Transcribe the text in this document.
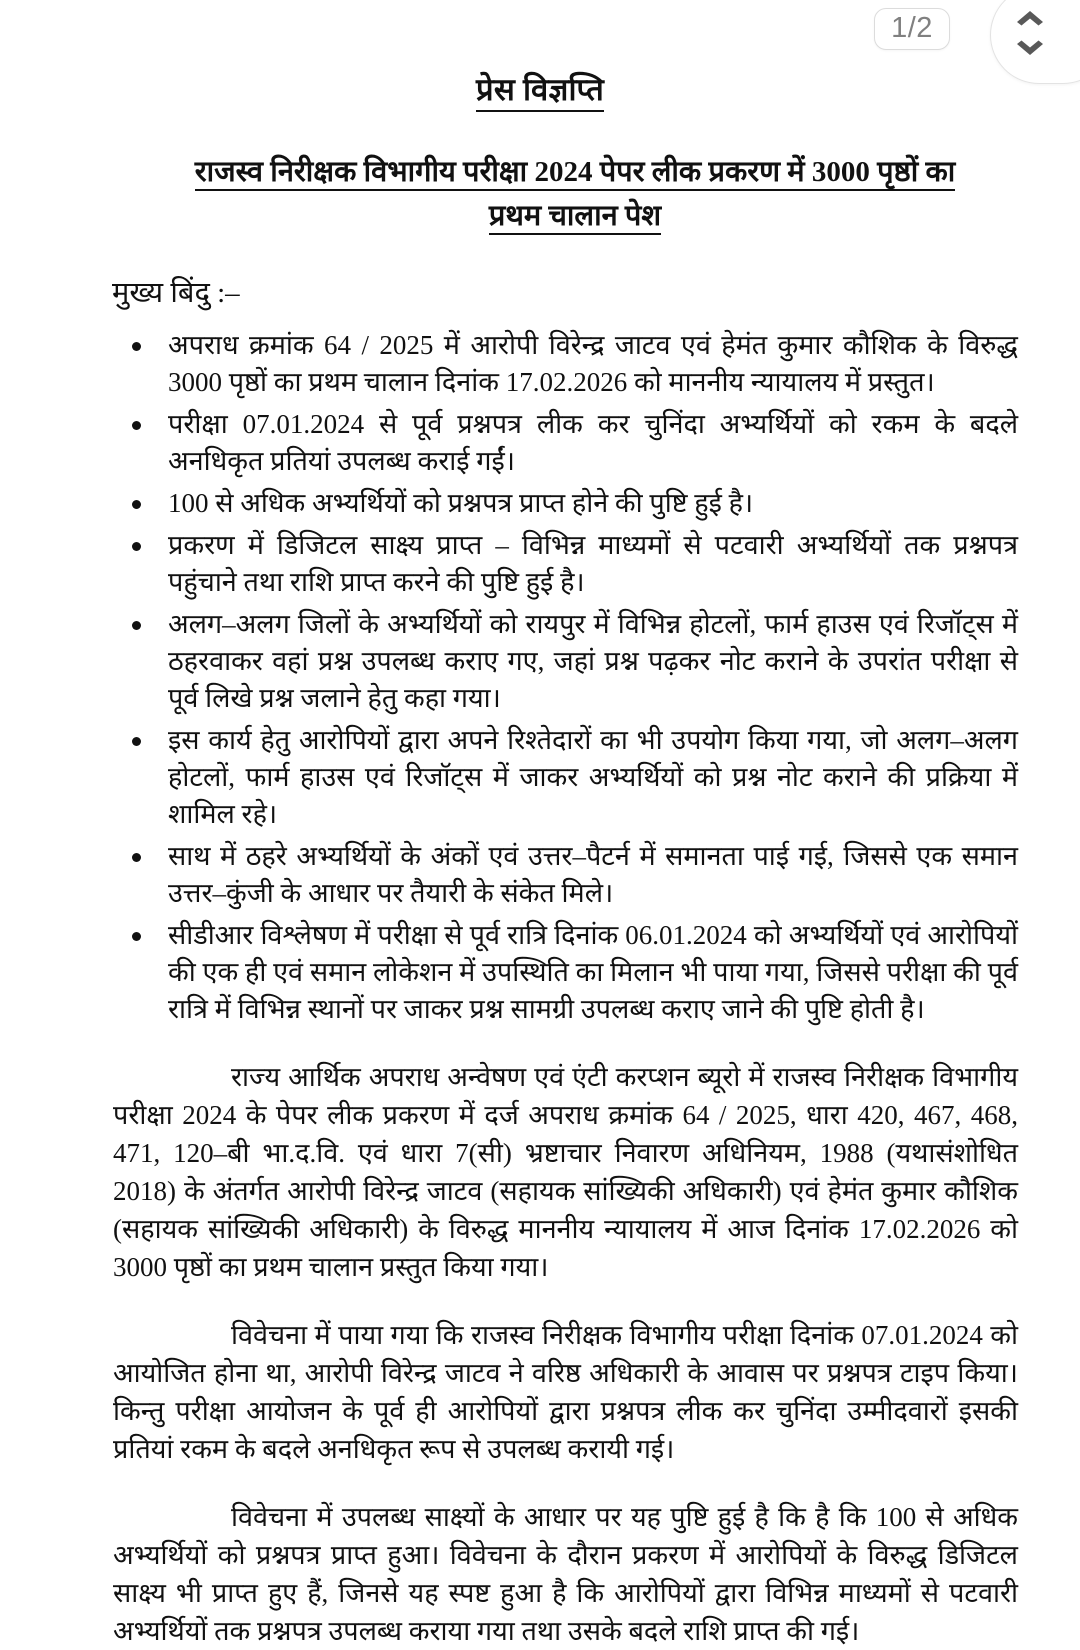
प्रेस विज्ञप्ति
राजस्व निरीक्षक विभागीय परीक्षा 2024 पेपर लीक प्रकरण में 3000 पृष्ठों का
प्रथम चालान पेश
मुख्य बिंदु :–
अपराध क्रमांक 64 / 2025 में आरोपी विरेन्द्र जाटव एवं हेमंत कुमार कौशिक के विरुद्ध 3000 पृष्ठों का प्रथम चालान दिनांक 17.02.2026 को माननीय न्यायालय में प्रस्तुत।
परीक्षा 07.01.2024 से पूर्व प्रश्नपत्र लीक कर चुनिंदा अभ्यर्थियों को रकम के बदले अनधिकृत प्रतियां उपलब्ध कराई गईं।
100 से अधिक अभ्यर्थियों को प्रश्नपत्र प्राप्त होने की पुष्टि हुई है।
प्रकरण में डिजिटल साक्ष्य प्राप्त – विभिन्न माध्यमों से पटवारी अभ्यर्थियों तक प्रश्नपत्र पहुंचाने तथा राशि प्राप्त करने की पुष्टि हुई है।
अलग–अलग जिलों के अभ्यर्थियों को रायपुर में विभिन्न होटलों, फार्म हाउस एवं रिजॉट्स में ठहरवाकर वहां प्रश्न उपलब्ध कराए गए, जहां प्रश्न पढ़कर नोट कराने के उपरांत परीक्षा से पूर्व लिखे प्रश्न जलाने हेतु कहा गया।
इस कार्य हेतु आरोपियों द्वारा अपने रिश्तेदारों का भी उपयोग किया गया, जो अलग–अलग होटलों, फार्म हाउस एवं रिजॉट्स में जाकर अभ्यर्थियों को प्रश्न नोट कराने की प्रक्रिया में शामिल रहे।
साथ में ठहरे अभ्यर्थियों के अंकों एवं उत्तर–पैटर्न में समानता पाई गई, जिससे एक समान उत्तर–कुंजी के आधार पर तैयारी के संकेत मिले।
सीडीआर विश्लेषण में परीक्षा से पूर्व रात्रि दिनांक 06.01.2024 को अभ्यर्थियों एवं आरोपियों की एक ही एवं समान लोकेशन में उपस्थिति का मिलान भी पाया गया, जिससे परीक्षा की पूर्व रात्रि में विभिन्न स्थानों पर जाकर प्रश्न सामग्री उपलब्ध कराए जाने की पुष्टि होती है।

राज्य आर्थिक अपराध अन्वेषण एवं एंटी करप्शन ब्यूरो में राजस्व निरीक्षक विभागीय परीक्षा 2024 के पेपर लीक प्रकरण में दर्ज अपराध क्रमांक 64 / 2025, धारा 420, 467, 468, 471, 120–बी भा.द.वि. एवं धारा 7(सी) भ्रष्टाचार निवारण अधिनियम, 1988 (यथासंशोधित 2018) के अंतर्गत आरोपी विरेन्द्र जाटव (सहायक सांख्यिकी अधिकारी) एवं हेमंत कुमार कौशिक (सहायक सांख्यिकी अधिकारी) के विरुद्ध माननीय न्यायालय में आज दिनांक 17.02.2026 को 3000 पृष्ठों का प्रथम चालान प्रस्तुत किया गया।

विवेचना में पाया गया कि राजस्व निरीक्षक विभागीय परीक्षा दिनांक 07.01.2024 को आयोजित होना था, आरोपी विरेन्द्र जाटव ने वरिष्ठ अधिकारी के आवास पर प्रश्नपत्र टाइप किया। किन्तु परीक्षा आयोजन के पूर्व ही आरोपियों द्वारा प्रश्नपत्र लीक कर चुनिंदा उम्मीदवारों इसकी प्रतियां रकम के बदले अनधिकृत रूप से उपलब्ध करायी गई।

विवेचना में उपलब्ध साक्ष्यों के आधार पर यह पुष्टि हुई है कि है कि 100 से अधिक अभ्यर्थियों को प्रश्नपत्र प्राप्त हुआ। विवेचना के दौरान प्रकरण में आरोपियों के विरुद्ध डिजिटल साक्ष्य भी प्राप्त हुए हैं, जिनसे यह स्पष्ट हुआ है कि आरोपियों द्वारा विभिन्न माध्यमों से पटवारी अभ्यर्थियों तक प्रश्नपत्र उपलब्ध कराया गया तथा उसके बदले राशि प्राप्त की गई।

1/2
